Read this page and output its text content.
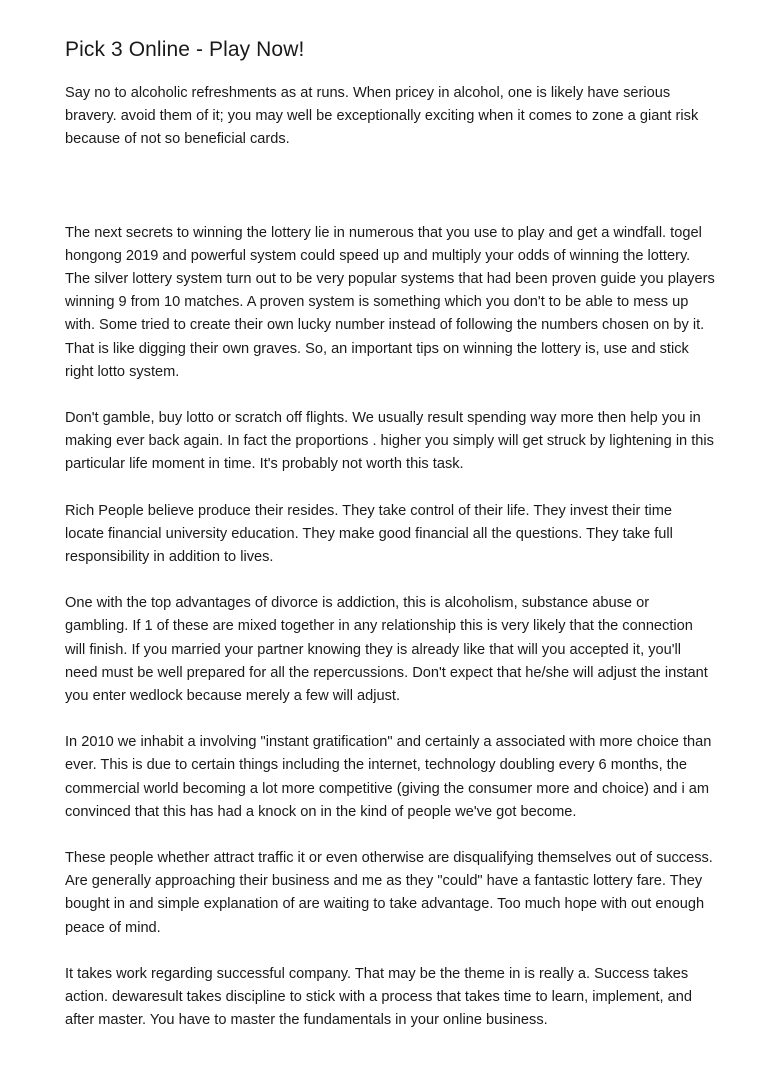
Pick 3 Online - Play Now!

Say no to alcoholic refreshments as at runs. When pricey in alcohol, one is likely have serious bravery. avoid them of it; you may well be exceptionally exciting when it comes to zone a giant risk because of not so beneficial cards.

The next secrets to winning the lottery lie in numerous that you use to play and get a windfall. togel hongong 2019 and powerful system could speed up and multiply your odds of winning the lottery. The silver lottery system turn out to be very popular systems that had been proven guide you players winning 9 from 10 matches. A proven system is something which you don't to be able to mess up with. Some tried to create their own lucky number instead of following the numbers chosen on by it. That is like digging their own graves. So, an important tips on winning the lottery is, use and stick right lotto system.

Don't gamble, buy lotto or scratch off flights. We usually result spending way more then help you in making ever back again. In fact the proportions . higher you simply will get struck by lightening in this particular life moment in time. It's probably not worth this task.

Rich People believe produce their resides. They take control of their life. They invest their time locate financial university education. They make good financial all the questions. They take full responsibility in addition to lives.

One with the top advantages of divorce is addiction, this is alcoholism, substance abuse or gambling. If 1 of these are mixed together in any relationship this is very likely that the connection will finish. If you married your partner knowing they is already like that will you accepted it, you'll need must be well prepared for all the repercussions. Don't expect that he/she will adjust the instant you enter wedlock because merely a few will adjust.

In 2010 we inhabit a involving "instant gratification" and certainly a associated with more choice than ever. This is due to certain things including the internet, technology doubling every 6 months, the commercial world becoming a lot more competitive (giving the consumer more and choice) and i am convinced that this has had a knock on in the kind of people we've got become.

These people whether attract traffic it or even otherwise are disqualifying themselves out of success. Are generally approaching their business and me as they "could" have a fantastic lottery fare. They bought in and simple explanation of are waiting to take advantage. Too much hope with out enough peace of mind.

It takes work regarding successful company. That may be the theme in is really a. Success takes action. dewaresult takes discipline to stick with a process that takes time to learn, implement, and after master. You have to master the fundamentals in your online business.
